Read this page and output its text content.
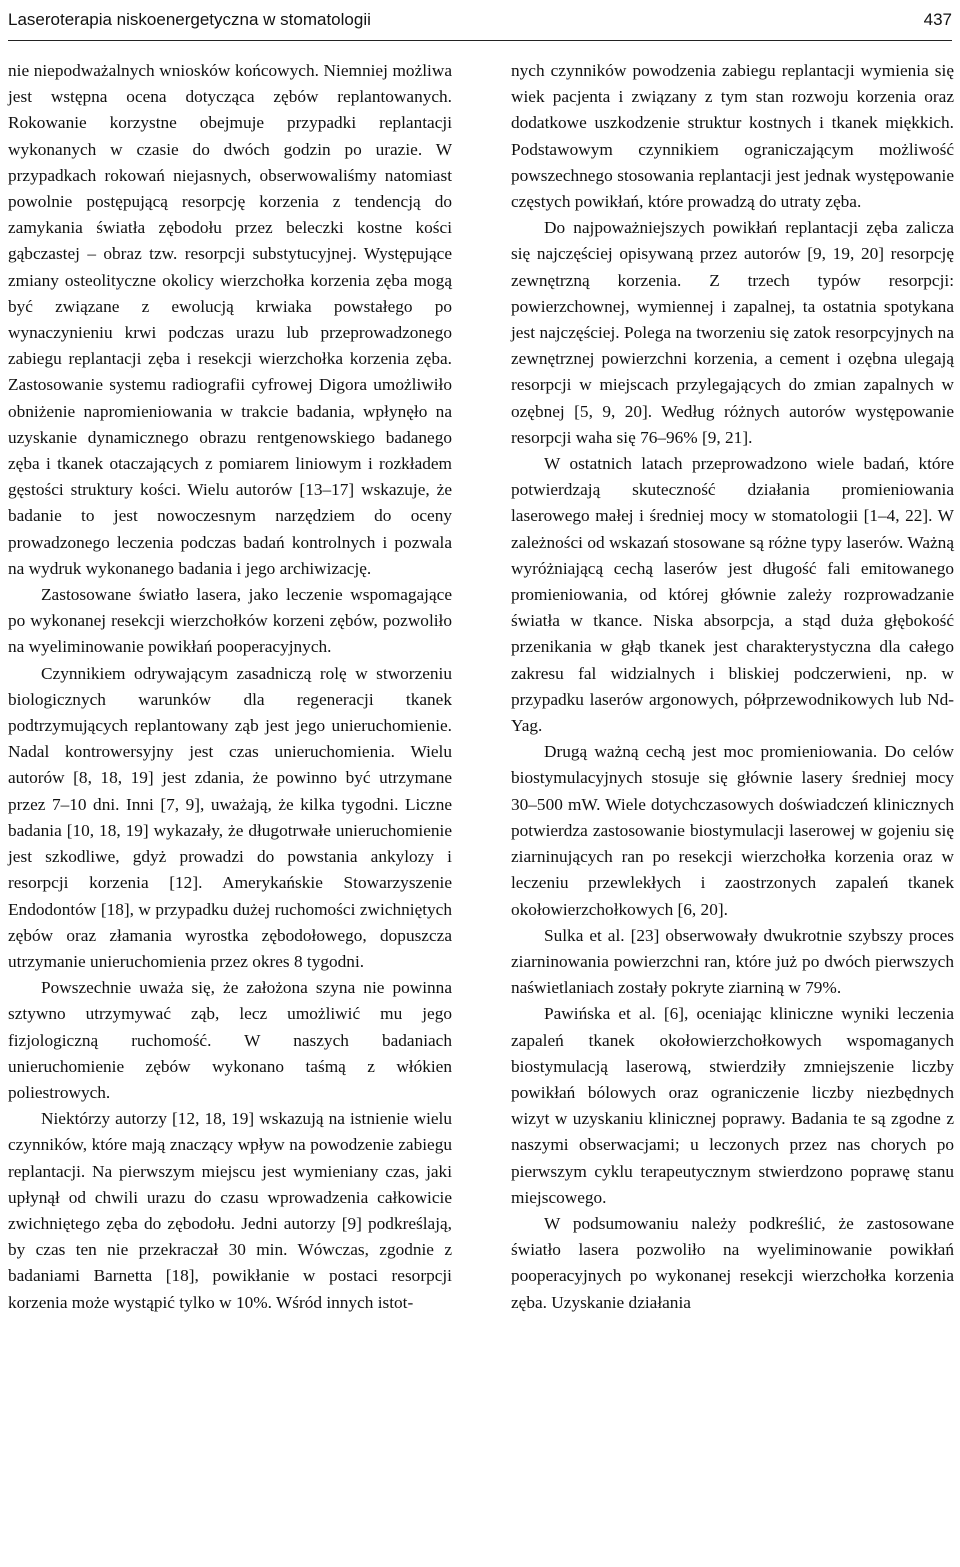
Laseroterapia niskoenergetyczna w stomatologii	437

nie niepodważalnych wniosków końcowych. Niemniej możliwa jest wstępna ocena dotycząca zębów replantowanych. Rokowanie korzystne obejmuje przypadki replantacji wykonanych w czasie do dwóch godzin po urazie. W przypadkach rokowań niejasnych, obserwowaliśmy natomiast powolnie postępującą resorpcję korzenia z tendencją do zamykania światła zębodołu przez beleczki kostne kości gąbczastej – obraz tzw. resorpcji substytucyjnej. Występujące zmiany osteolityczne okolicy wierzchołka korzenia zęba mogą być związane z ewolucją krwiaka powstałego po wynaczynieniu krwi podczas urazu lub przeprowadzonego zabiegu replantacji zęba i resekcji wierzchołka korzenia zęba. Zastosowanie systemu radiografii cyfrowej Digora umożliwiło obniżenie napromieniowania w trakcie badania, wpłynęło na uzyskanie dynamicznego obrazu rentgenowskiego badanego zęba i tkanek otaczających z pomiarem liniowym i rozkładem gęstości struktury kości. Wielu autorów [13–17] wskazuje, że badanie to jest nowoczesnym narzędziem do oceny prowadzonego leczenia podczas badań kontrolnych i pozwala na wydruk wykonanego badania i jego archiwizację.

Zastosowane światło lasera, jako leczenie wspomagające po wykonanej resekcji wierzchołków korzeni zębów, pozwoliło na wyeliminowanie powikłań pooperacyjnych.

Czynnikiem odrywającym zasadniczą rolę w stworzeniu biologicznych warunków dla regeneracji tkanek podtrzymujących replantowany ząb jest jego unieruchomienie. Nadal kontrowersyjny jest czas unieruchomienia. Wielu autorów [8, 18, 19] jest zdania, że powinno być utrzymane przez 7–10 dni. Inni [7, 9], uważają, że kilka tygodni. Liczne badania [10, 18, 19] wykazały, że długotrwałe unieruchomienie jest szkodliwe, gdyż prowadzi do powstania ankylozy i resorpcji korzenia [12]. Amerykańskie Stowarzyszenie Endodontów [18], w przypadku dużej ruchomości zwichniętych zębów oraz złamania wyrostka zębodołowego, dopuszcza utrzymanie unieruchomienia przez okres 8 tygodni.

Powszechnie uważa się, że założona szyna nie powinna sztywno utrzymywać ząb, lecz umożliwić mu jego fizjologiczną ruchomość. W naszych badaniach unieruchomienie zębów wykonano taśmą z włókien poliestrowych.

Niektórzy autorzy [12, 18, 19] wskazują na istnienie wielu czynników, które mają znaczący wpływ na powodzenie zabiegu replantacji. Na pierwszym miejscu jest wymieniany czas, jaki upłynął od chwili urazu do czasu wprowadzenia całkowicie zwichniętego zęba do zębodołu. Jedni autorzy [9] podkreślają, by czas ten nie przekraczał 30 min. Wówczas, zgodnie z badaniami Barnetta [18], powikłanie w postaci resorpcji korzenia może wystąpić tylko w 10%. Wśród innych istot-

nych czynników powodzenia zabiegu replantacji wymienia się wiek pacjenta i związany z tym stan rozwoju korzenia oraz dodatkowe uszkodzenie struktur kostnych i tkanek miękkich. Podstawowym czynnikiem ograniczającym możliwość powszechnego stosowania replantacji jest jednak występowanie częstych powikłań, które prowadzą do utraty zęba.

Do najpoważniejszych powikłań replantacji zęba zalicza się najczęściej opisywaną przez autorów [9, 19, 20] resorpcję zewnętrzną korzenia. Z trzech typów resorpcji: powierzchownej, wymiennej i zapalnej, ta ostatnia spotykana jest najczęściej. Polega na tworzeniu się zatok resorpcyjnych na zewnętrznej powierzchni korzenia, a cement i ozębna ulegają resorpcji w miejscach przylegających do zmian zapalnych w ozębnej [5, 9, 20]. Według różnych autorów występowanie resorpcji waha się 76–96% [9, 21].

W ostatnich latach przeprowadzono wiele badań, które potwierdzają skuteczność działania promieniowania laserowego małej i średniej mocy w stomatologii [1–4, 22]. W zależności od wskazań stosowane są różne typy laserów. Ważną wyróżniającą cechą laserów jest długość fali emitowanego promieniowania, od której głównie zależy rozprowadzanie światła w tkance. Niska absorpcja, a stąd duża głębokość przenikania w głąb tkanek jest charakterystyczna dla całego zakresu fal widzialnych i bliskiej podczerwieni, np. w przypadku laserów argonowych, półprzewodnikowych lub Nd-Yag.

Drugą ważną cechą jest moc promieniowania. Do celów biostymulacyjnych stosuje się głównie lasery średniej mocy 30–500 mW. Wiele dotychczasowych doświadczeń klinicznych potwierdza zastosowanie biostymulacji laserowej w gojeniu się ziarninujących ran po resekcji wierzchołka korzenia oraz w leczeniu przewlekłych i zaostrzonych zapaleń tkanek okołowierzchołkowych [6, 20].

Sulka et al. [23] obserwowały dwukrotnie szybszy proces ziarninowania powierzchni ran, które już po dwóch pierwszych naświetlaniach zostały pokryte ziarniną w 79%.

Pawińska et al. [6], oceniając kliniczne wyniki leczenia zapaleń tkanek okołowierzchołkowych wspomaganych biostymulacją laserową, stwierdziły zmniejszenie liczby powikłań bólowych oraz ograniczenie liczby niezbędnych wizyt w uzyskaniu klinicznej poprawy. Badania te są zgodne z naszymi obserwacjami; u leczonych przez nas chorych po pierwszym cyklu terapeutycznym stwierdzono poprawę stanu miejscowego.

W podsumowaniu należy podkreślić, że zastosowane światło lasera pozwoliło na wyeliminowanie powikłań pooperacyjnych po wykonanej resekcji wierzchołka korzenia zęba. Uzyskanie działania
